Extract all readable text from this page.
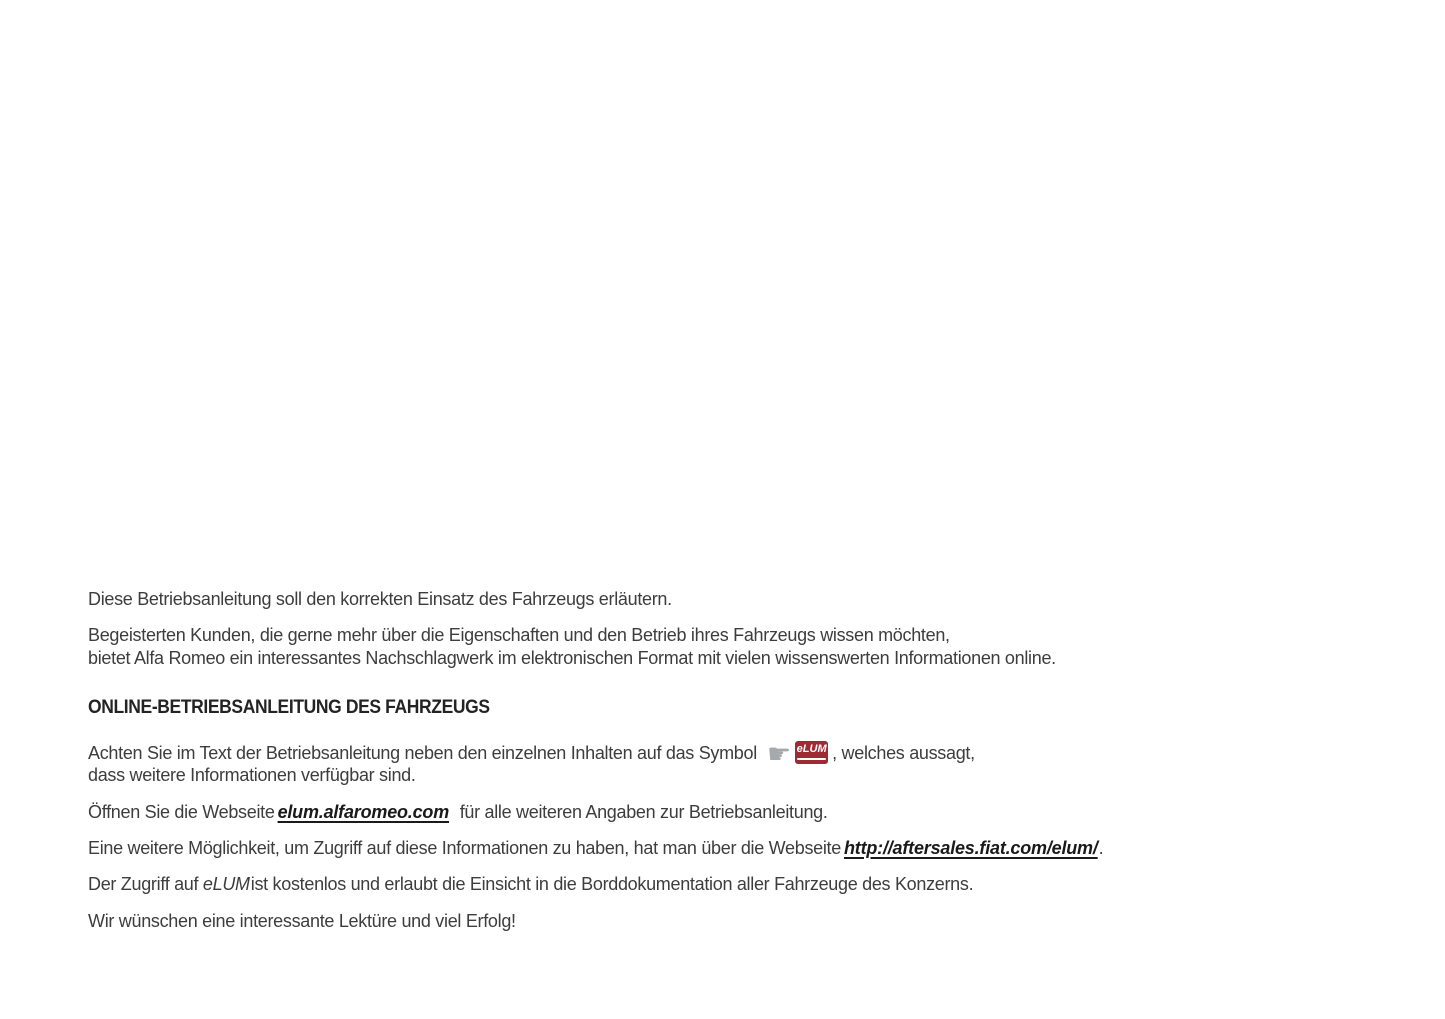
Diese Betriebsanleitung soll den korrekten Einsatz des Fahrzeugs erläutern.

Begeisterten Kunden, die gerne mehr über die Eigenschaften und den Betrieb ihres Fahrzeugs wissen möchten,
bietet Alfa Romeo ein interessantes Nachschlagwerk im elektronischen Format mit vielen wissenswerten Informationen online.

ONLINE-BETRIEBSANLEITUNG DES FAHRZEUGS

Achten Sie im Text der Betriebsanleitung neben den einzelnen Inhalten auf das Symbol ☛ eLUM , welches aussagt,
dass weitere Informationen verfügbar sind.

Öffnen Sie die Webseite elum.alfaromeo.com für alle weiteren Angaben zur Betriebsanleitung.

Eine weitere Möglichkeit, um Zugriff auf diese Informationen zu haben, hat man über die Webseite http://aftersales.fiat.com/elum/.

Der Zugriff auf eLUMist kostenlos und erlaubt die Einsicht in die Borddokumentation aller Fahrzeuge des Konzerns.

Wir wünschen eine interessante Lektüre und viel Erfolg!
